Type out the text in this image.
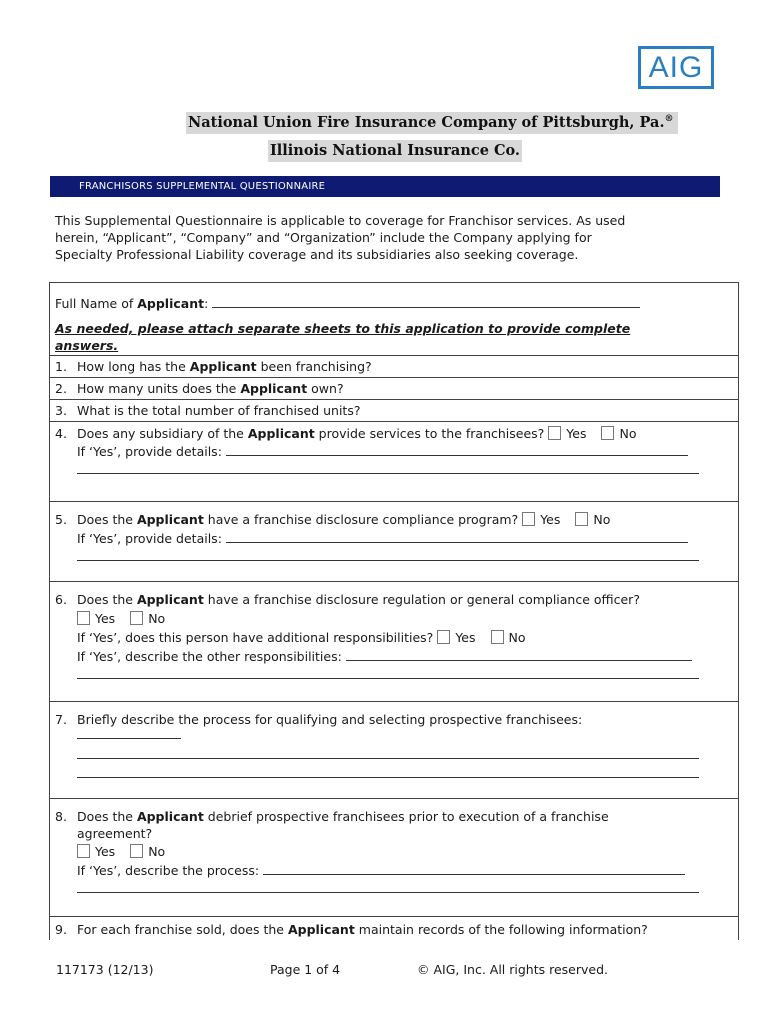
AIG
National Union Fire Insurance Company of Pittsburgh, Pa.®
Illinois National Insurance Co.
FRANCHISORS SUPPLEMENTAL QUESTIONNAIRE
This Supplemental Questionnaire is applicable to coverage for Franchisor services. As used
herein, “Applicant”, “Company” and “Organization” include the Company applying for
Specialty Professional Liability coverage and its subsidiaries also seeking coverage.
Full Name of Applicant:
As needed, please attach separate sheets to this application to provide complete
answers.
1. How long has the Applicant been franchising?
2. How many units does the Applicant own?
3. What is the total number of franchised units?
4. Does any subsidiary of the Applicant provide services to the franchisees? Yes	No
If ‘Yes’, provide details:
5. Does the Applicant have a franchise disclosure compliance program? Yes	No
If ‘Yes’, provide details:
6. Does the Applicant have a franchise disclosure regulation or general compliance officer?
Yes	No
If ‘Yes’, does this person have additional responsibilities? Yes	No
If ‘Yes’, describe the other responsibilities:
7. Briefly describe the process for qualifying and selecting prospective franchisees:
8. Does the Applicant debrief prospective franchisees prior to execution of a franchise
agreement?
Yes	No
If ‘Yes’, describe the process:
9. For each franchise sold, does the Applicant maintain records of the following information?
117173 (12/13)	Page 1 of 4	© AIG, Inc. All rights reserved.
